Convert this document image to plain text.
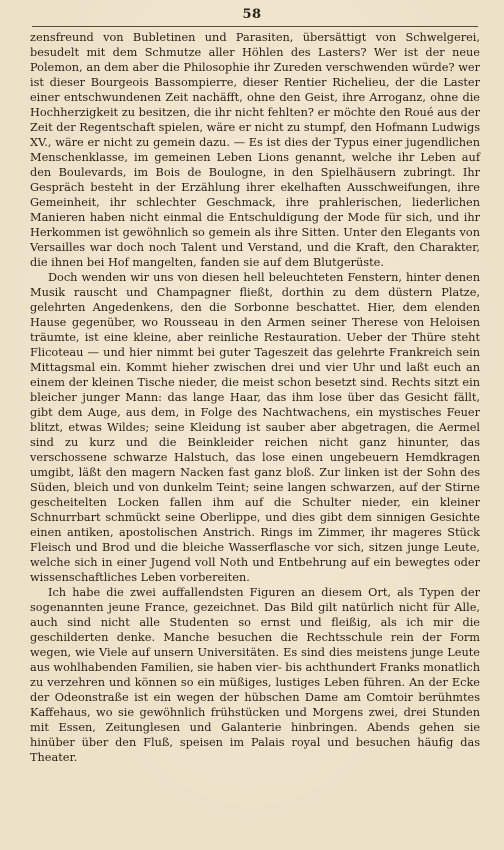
58

zensfreund von Bubletinen und Parasiten, übersättigt von Schwelgerei, besudelt mit dem Schmutze aller Höhlen des Lasters? Wer ist der neue Polemon, an dem aber die Philosophie ihr Zureden verschwenden würde? wer ist dieser Bourgeois Bassompierre, dieser Rentier Richelieu, der die Laster einer entschwundenen Zeit nachäfft, ohne den Geist, ihre Arroganz, ohne die Hochherzigkeit zu besitzen, die ihr nicht fehlten? er möchte den Roué aus der Zeit der Regentschaft spielen, wäre er nicht zu stumpf, den Hofmann Ludwigs XV., wäre er nicht zu gemein dazu. — Es ist dies der Typus einer jugendlichen Menschenklasse, im gemeinen Leben Lions genannt, welche ihr Leben auf den Boulevards, im Bois de Boulogne, in den Spielhäusern zubringt. Ihr Gespräch besteht in der Erzählung ihrer ekelhaften Ausschweifungen, ihre Gemeinheit, ihr schlechter Geschmack, ihre prahlerischen, liederlichen Manieren haben nicht einmal die Entschuldigung der Mode für sich, und ihr Herkommen ist gewöhnlich so gemein als ihre Sitten. Unter den Elegants von Versailles war doch noch Talent und Verstand, und die Kraft, den Charakter, die ihnen bei Hof mangelten, fanden sie auf dem Blutgerüste.

Doch wenden wir uns von diesen hell beleuchteten Fenstern, hinter denen Musik rauscht und Champagner fließt, dorthin zu dem düstern Platze, gelehrten Angedenkens, den die Sorbonne beschattet. Hier, dem elenden Hause gegenüber, wo Rousseau in den Armen seiner Therese von Heloisen träumte, ist eine kleine, aber reinliche Restauration. Ueber der Thüre steht Flicoteau — und hier nimmt bei guter Tageszeit das gelehrte Frankreich sein Mittagsmal ein. Kommt hieher zwischen drei und vier Uhr und laßt euch an einem der kleinen Tische nieder, die meist schon besetzt sind. Rechts sitzt ein bleicher junger Mann: das lange Haar, das ihm lose über das Gesicht fällt, gibt dem Auge, aus dem, in Folge des Nachtwachens, ein mystisches Feuer blitzt, etwas Wildes; seine Kleidung ist sauber aber abgetragen, die Aermel sind zu kurz und die Beinkleider reichen nicht ganz hinunter, das verschossene schwarze Halstuch, das lose einen ungebeuern Hemdkragen umgibt, läßt den magern Nacken fast ganz bloß. Zur linken ist der Sohn des Süden, bleich und von dunkelm Teint; seine langen schwarzen, auf der Stirne gescheitelten Locken fallen ihm auf die Schulter nieder, ein kleiner Schnurrbart schmückt seine Oberlippe, und dies gibt dem sinnigen Gesichte einen antiken, apostolischen Anstrich. Rings im Zimmer, ihr mageres Stück Fleisch und Brod und die bleiche Wasserflasche vor sich, sitzen junge Leute, welche sich in einer Jugend voll Noth und Entbehrung auf ein bewegtes oder wissenschaftliches Leben vorbereiten.

Ich habe die zwei auffallendsten Figuren an diesem Ort, als Typen der sogenannten jeune France, gezeichnet. Das Bild gilt natürlich nicht für Alle, auch sind nicht alle Studenten so ernst und fleißig, als ich mir die geschilderten denke. Manche besuchen die Rechtsschule rein der Form wegen, wie Viele auf unsern Universitäten. Es sind dies meistens junge Leute aus wohlhabenden Familien, sie haben vier- bis achthundert Franks monatlich zu verzehren und können so ein müßiges, lustiges Leben führen. An der Ecke der Odeonstraße ist ein wegen der hübschen Dame am Comtoir berühmtes Kaffehaus, wo sie gewöhnlich frühstücken und Morgens zwei, drei Stunden mit Essen, Zeitunglesen und Galanterie hinbringen. Abends gehen sie hinüber über den Fluß, speisen im Palais royal und besuchen häufig das Theater.
